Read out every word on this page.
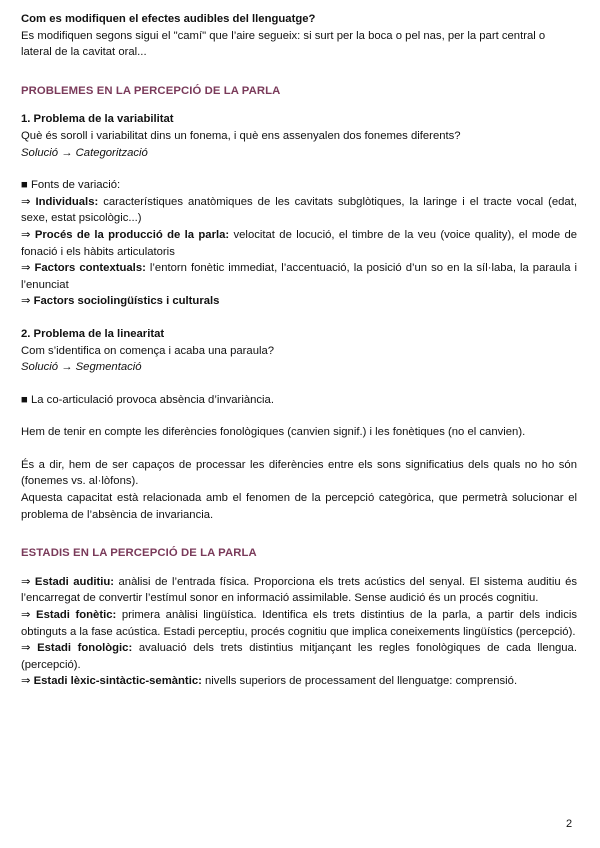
Com es modifiquen el efectes audibles del llenguatge?

Es modifiquen segons sigui el "camí" que l’aire segueix: si surt per la boca o pel nas, per la part central o lateral de la cavitat oral...

PROBLEMES EN LA PERCEPCIÓ DE LA PARLA

1. Problema de la variabilitat

Què és soroll i variabilitat dins un fonema, i què ens assenyalen dos fonemes diferents?

Solució → Categorització

■ Fonts de variació:

⇒ Individuals: característiques anatòmiques de les cavitats subglòtiques, la laringe i el tracte vocal (edat, sexe, estat psicològic...)

⇒ Procés de la producció de la parla: velocitat de locució, el timbre de la veu (voice quality), el mode de fonació i els hàbits articulatoris

⇒ Factors contextuals: l’entorn fonètic immediat, l’accentuació, la posició d’un so en la síl·laba, la paraula i l’enunciat

⇒ Factors sociolingüístics i culturals

2. Problema de la linearitat

Com s’identifica on comença i acaba una paraula?

Solució → Segmentació

■ La co-articulació provoca absència d’invariància.

Hem de tenir en compte les diferències fonològiques (canvien signif.) i les fonètiques (no el canvien).

És a dir, hem de ser capaços de processar les diferències entre els sons significatius dels quals no ho són (fonemes vs. al·lòfons).

Aquesta capacitat està relacionada amb el fenomen de la percepció categòrica, que permetrà solucionar el problema de l’absència de invariancia.

ESTADIS EN LA PERCEPCIÓ DE LA PARLA

⇒ Estadi auditiu: anàlisi de l’entrada física. Proporciona els trets acústics del senyal. El sistema auditiu és l’encarregat de convertir l’estímul sonor en informació assimilable. Sense audició és un procés cognitiu.

⇒ Estadi fonètic: primera anàlisi lingüística. Identifica els trets distintius de la parla, a partir dels indicis obtinguts a la fase acústica. Estadi perceptiu, procés cognitiu que implica coneixements lingüístics (percepció).

⇒ Estadi fonològic: avaluació dels trets distintius mitjançant les regles fonològiques de cada llengua. (percepció).

⇒ Estadi lèxic-sintàctic-semàntic: nivells superiors de processament del llenguatge: comprensió.

2
